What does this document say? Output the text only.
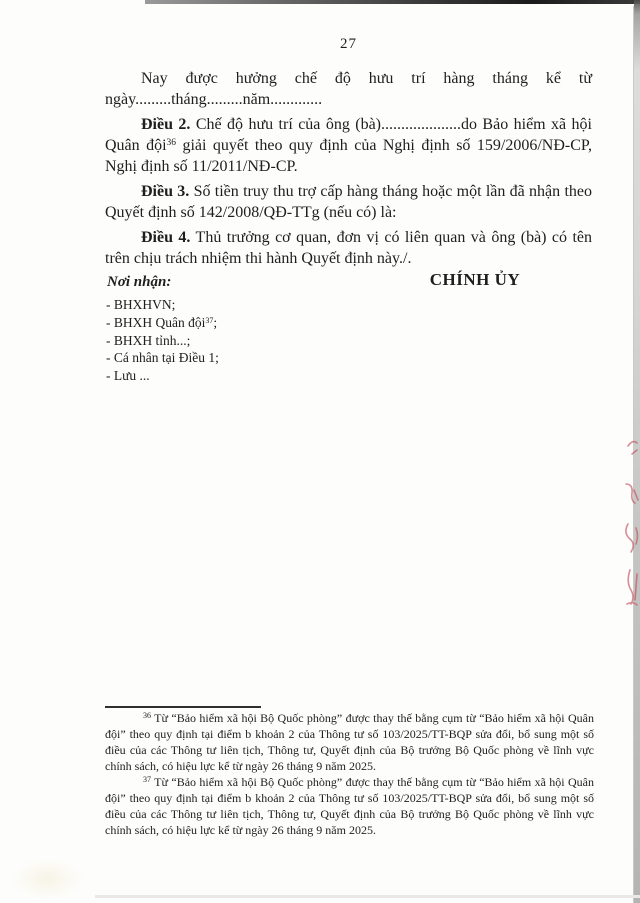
27

Nay được hưởng chế độ hưu trí hàng tháng kể từ ngày.........tháng.........năm.............

Điều 2. Chế độ hưu trí của ông (bà)....................do Bảo hiểm xã hội Quân đội$^{36}$ giải quyết theo quy định của Nghị định số 159/2006/NĐ-CP, Nghị định số 11/2011/NĐ-CP.

Điều 3. Số tiền truy thu trợ cấp hàng tháng hoặc một lần đã nhận theo Quyết định số 142/2008/QĐ-TTg (nếu có) là:

Điều 4. Thủ trưởng cơ quan, đơn vị có liên quan và ông (bà) có tên trên chịu trách nhiệm thi hành Quyết định này./.

Nơi nhận:	CHÍNH ỦY
- BHXHVN;
- BHXH Quân đội$^{37}$;
- BHXH tỉnh...;
- Cá nhân tại Điều 1;
- Lưu ...

$^{36}$ Từ “Bảo hiểm xã hội Bộ Quốc phòng” được thay thế bằng cụm từ “Bảo hiểm xã hội Quân đội” theo quy định tại điểm b khoản 2 của Thông tư số 103/2025/TT-BQP sửa đổi, bổ sung một số điều của các Thông tư liên tịch, Thông tư, Quyết định của Bộ trưởng Bộ Quốc phòng về lĩnh vực chính sách, có hiệu lực kể từ ngày 26 tháng 9 năm 2025.

$^{37}$ Từ “Bảo hiểm xã hội Bộ Quốc phòng” được thay thế bằng cụm từ “Bảo hiểm xã hội Quân đội” theo quy định tại điểm b khoản 2 của Thông tư số 103/2025/TT-BQP sửa đổi, bổ sung một số điều của các Thông tư liên tịch, Thông tư, Quyết định của Bộ trưởng Bộ Quốc phòng về lĩnh vực chính sách, có hiệu lực kể từ ngày 26 tháng 9 năm 2025.
